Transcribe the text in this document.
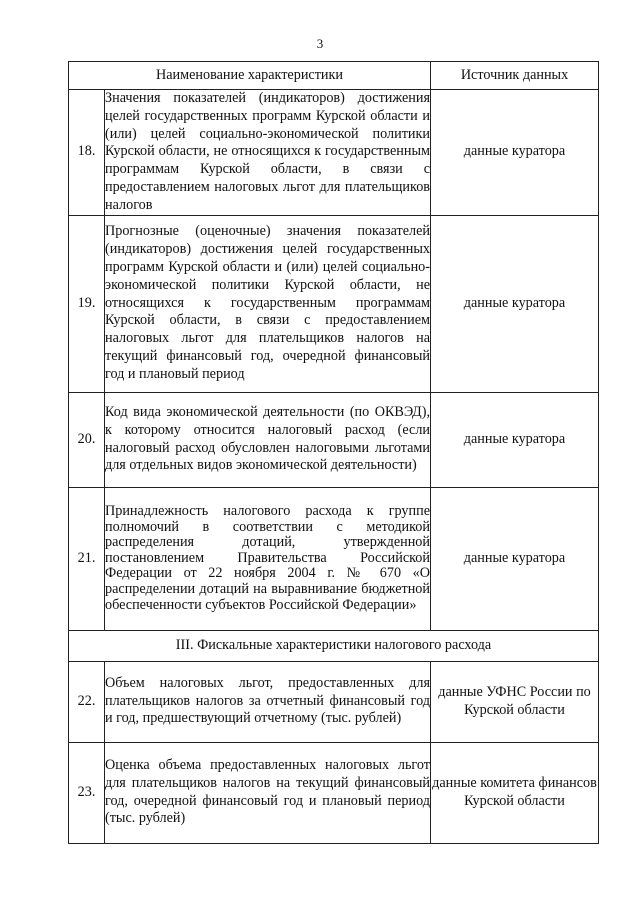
3
Наименование характеристики		Источник данных
18.	Значения показателей (индикаторов) достижения целей государственных программ Курской области и (или) целей социально-экономической политики Курской области, не относящихся к государственным программам Курской области, в связи с предоставлением налоговых льгот для плательщиков налогов	данные куратора
19.	Прогнозные (оценочные) значения показателей (индикаторов) достижения целей государственных программ Курской области и (или) целей социально-экономической политики Курской области, не относящихся к государственным программам Курской области, в связи с предоставлением налоговых льгот для плательщиков налогов на текущий финансовый год, очередной финансовый год и плановый период	данные куратора
20.	Код вида экономической деятельности (по ОКВЭД), к которому относится налоговый расход (если налоговый расход обусловлен налоговыми льготами для отдельных видов экономической деятельности)	данные куратора
21.	Принадлежность налогового расхода к группе полномочий в соответствии с методикой распределения дотаций, утвержденной постановлением Правительства Российской Федерации от 22 ноября 2004 г. № 670 «О распределении дотаций на выравнивание бюджетной обеспеченности субъектов Российской Федерации»	данные куратора
III. Фискальные характеристики налогового расхода		
22.	Объем налоговых льгот, предоставленных для плательщиков налогов за отчетный финансовый год и год, предшествующий отчетному (тыс. рублей)	данные УФНС России по Курской области
23.	Оценка объема предоставленных налоговых льгот для плательщиков налогов на текущий финансовый год, очередной финансовый год и плановый период (тыс. рублей)	данные комитета финансов Курской области
